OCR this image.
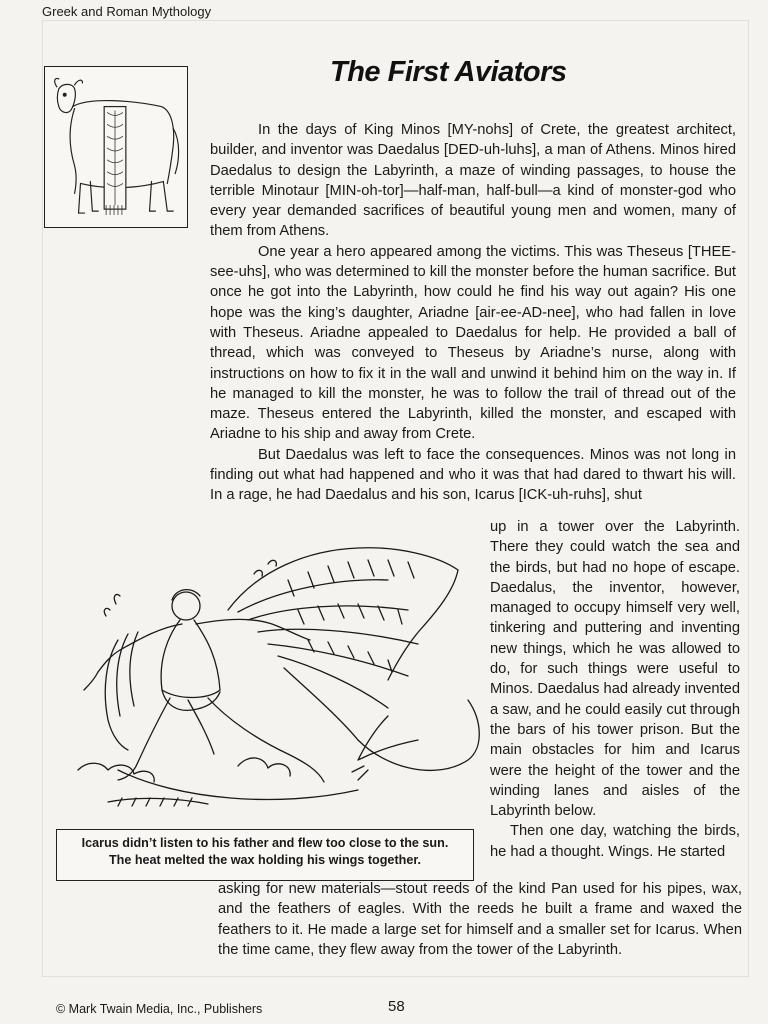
Greek and Roman Mythology
The First Aviators

In the days of King Minos [MY-nohs] of Crete, the greatest architect, builder, and inventor was Daedalus [DED-uh-luhs], a man of Athens. Minos hired Daedalus to design the Labyrinth, a maze of winding passages, to house the terrible Minotaur [MIN-oh-tor]—half-man, half-bull—a kind of monster-god who every year demanded sacrifices of beautiful young men and women, many of them from Athens.

One year a hero appeared among the victims. This was Theseus [THEE-see-uhs], who was determined to kill the monster before the human sacrifice. But once he got into the Labyrinth, how could he find his way out again? His one hope was the king’s daughter, Ariadne [air-ee-AD-nee], who had fallen in love with Theseus. Ariadne appealed to Daedalus for help. He provided a ball of thread, which was conveyed to Theseus by Ariadne’s nurse, along with instructions on how to fix it in the wall and unwind it behind him on the way in. If he managed to kill the monster, he was to follow the trail of thread out of the maze. Theseus entered the Labyrinth, killed the monster, and escaped with Ariadne to his ship and away from Crete.

But Daedalus was left to face the consequences. Minos was not long in finding out what had happened and who it was that had dared to thwart his will. In a rage, he had Daedalus and his son, Icarus [ICK-uh-ruhs], shut

up in a tower over the Labyrinth. There they could watch the sea and the birds, but had no hope of escape. Daedalus, the inventor, however, managed to occupy himself very well, tinkering and puttering and inventing new things, which he was allowed to do, for such things were useful to Minos. Daedalus had already invented a saw, and he could easily cut through the bars of his tower prison. But the main obstacles for him and Icarus were the height of the tower and the winding lanes and aisles of the Labyrinth below.

Then one day, watching the birds, he had a thought. Wings. He started

Icarus didn’t listen to his father and flew too close to the sun.
The heat melted the wax holding his wings together.

asking for new materials—stout reeds of the kind Pan used for his pipes, wax, and the feathers of eagles. With the reeds he built a frame and waxed the feathers to it. He made a large set for himself and a smaller set for Icarus. When the time came, they flew away from the tower of the Labyrinth.

© Mark Twain Media, Inc., Publishers	58
